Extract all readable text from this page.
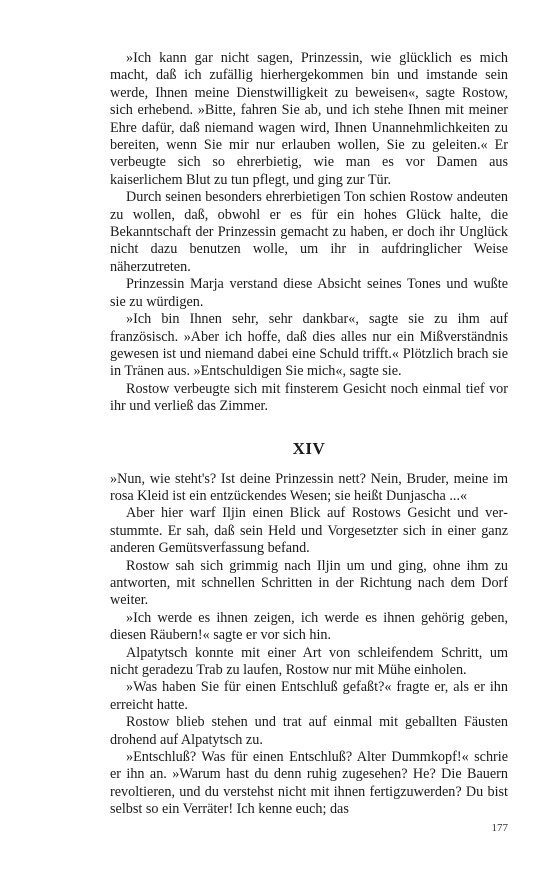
»Ich kann gar nicht sagen, Prinzessin, wie glücklich es mich macht, daß ich zufällig hierhergekommen bin und imstande sein werde, Ihnen meine Dienstwilligkeit zu beweisen«, sagte Rostow, sich erhebend. »Bitte, fahren Sie ab, und ich stehe Ihnen mit meiner Ehre dafür, daß niemand wagen wird, Ihnen Unannehmlichkeiten zu bereiten, wenn Sie mir nur erlauben wollen, Sie zu geleiten.« Er verbeugte sich so ehrerbietig, wie man es vor Damen aus kaiserlichem Blut zu tun pflegt, und ging zur Tür.

Durch seinen besonders ehrerbietigen Ton schien Rostow andeuten zu wollen, daß, obwohl er es für ein hohes Glück halte, die Bekanntschaft der Prinzessin gemacht zu haben, er doch ihr Unglück nicht dazu benutzen wolle, um ihr in aufdringlicher Weise näherzutreten.

Prinzessin Marja verstand diese Absicht seines Tones und wußte sie zu würdigen.

»Ich bin Ihnen sehr, sehr dankbar«, sagte sie zu ihm auf französisch. »Aber ich hoffe, daß dies alles nur ein Mißverständnis gewesen ist und niemand dabei eine Schuld trifft.« Plötzlich brach sie in Tränen aus. »Entschuldigen Sie mich«, sagte sie.

Rostow verbeugte sich mit finsterem Gesicht noch einmal tief vor ihr und verließ das Zimmer.

XIV

»Nun, wie steht's? Ist deine Prinzessin nett? Nein, Bruder, meine im rosa Kleid ist ein entzückendes Wesen; sie heißt Dunjascha ...«

Aber hier warf Iljin einen Blick auf Rostows Gesicht und verstummte. Er sah, daß sein Held und Vorgesetzter sich in einer ganz anderen Gemütsverfassung befand.

Rostow sah sich grimmig nach Iljin um und ging, ohne ihm zu antworten, mit schnellen Schritten in der Richtung nach dem Dorf weiter.

»Ich werde es ihnen zeigen, ich werde es ihnen gehörig geben, diesen Räubern!« sagte er vor sich hin.

Alpatytsch konnte mit einer Art von schleifendem Schritt, um nicht geradezu Trab zu laufen, Rostow nur mit Mühe einholen.

»Was haben Sie für einen Entschluß gefaßt?« fragte er, als er ihn erreicht hatte.

Rostow blieb stehen und trat auf einmal mit geballten Fäusten drohend auf Alpatytsch zu.

»Entschluß? Was für einen Entschluß? Alter Dummkopf!« schrie er ihn an. »Warum hast du denn ruhig zugesehen? He? Die Bauern revoltieren, und du verstehst nicht mit ihnen fertigzuwerden? Du bist selbst so ein Verräter! Ich kenne euch; das

177
